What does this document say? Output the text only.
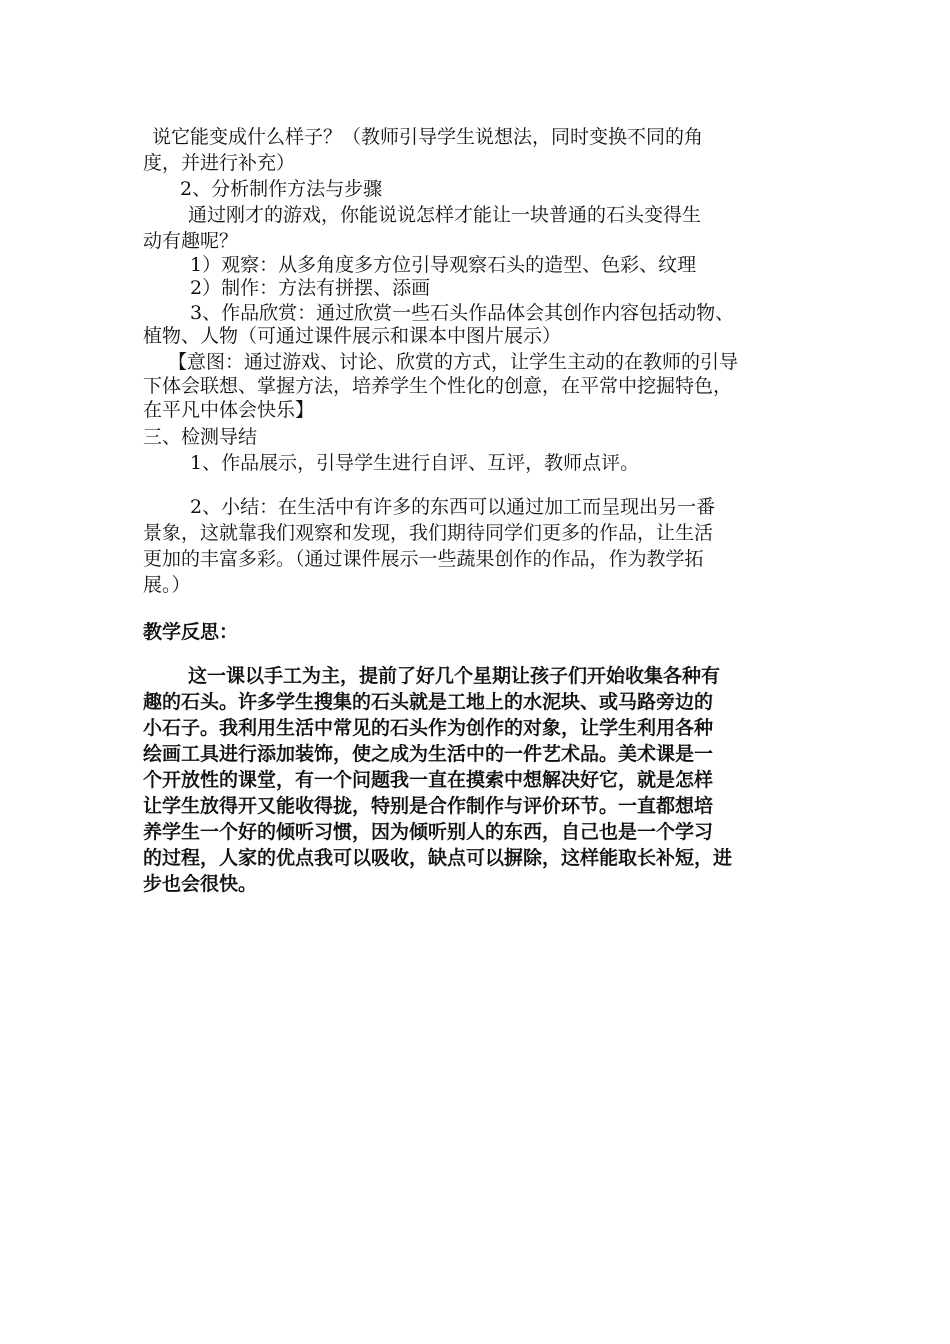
说它能变成什么样子？（教师引导学生说想法，同时变换不同的角
度，并进行补充）
2、分析制作方法与步骤
通过刚才的游戏，你能说说怎样才能让一块普通的石头变得生
动有趣呢？
1）观察：从多角度多方位引导观察石头的造型、色彩、纹理
2）制作：方法有拼摆、添画
3、作品欣赏：通过欣赏一些石头作品体会其创作内容包括动物、
植物、人物（可通过课件展示和课本中图片展示）
【意图：通过游戏、讨论、欣赏的方式，让学生主动的在教师的引导
下体会联想、掌握方法，培养学生个性化的创意，在平常中挖掘特色，
在平凡中体会快乐】
三、检测导结
1、作品展示，引导学生进行自评、互评，教师点评。
2、小结：在生活中有许多的东西可以通过加工而呈现出另一番
景象，这就靠我们观察和发现，我们期待同学们更多的作品，让生活
更加的丰富多彩。（通过课件展示一些蔬果创作的作品，作为教学拓
展。）
教学反思：
这一课以手工为主，提前了好几个星期让孩子们开始收集各种有
趣的石头。许多学生搜集的石头就是工地上的水泥块、或马路旁边的
小石子。我利用生活中常见的石头作为创作的对象，让学生利用各种
绘画工具进行添加装饰，使之成为生活中的一件艺术品。美术课是一
个开放性的课堂，有一个问题我一直在摸索中想解决好它，就是怎样
让学生放得开又能收得拢，特别是合作制作与评价环节。一直都想培
养学生一个好的倾听习惯，因为倾听别人的东西，自己也是一个学习
的过程，人家的优点我可以吸收，缺点可以摒除，这样能取长补短，进
步也会很快。
